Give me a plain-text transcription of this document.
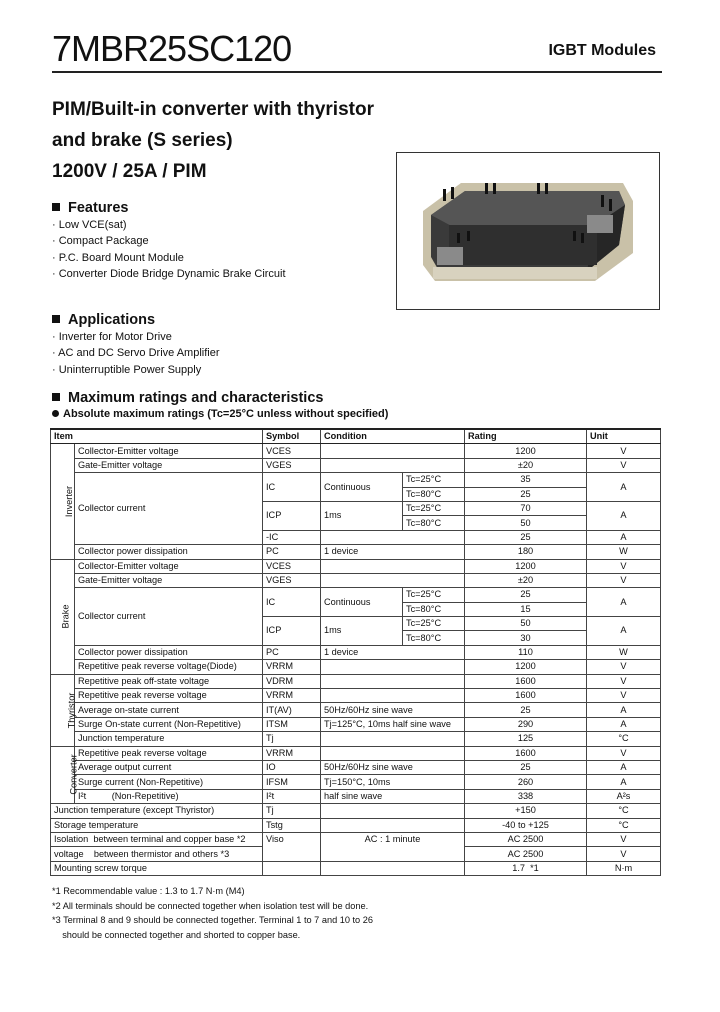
7MBR25SC120	IGBT Modules
PIM/Built-in converter with thyristor
and brake (S series)
1200V / 25A / PIM
Features
· Low VCE(sat)
· Compact Package
· P.C. Board Mount Module
· Converter Diode Bridge Dynamic Brake Circuit
Applications
· Inverter for Motor Drive
· AC and DC Servo Drive Amplifier
· Uninterruptible Power Supply
Maximum ratings and characteristics
Absolute maximum ratings (Tc=25°C unless without specified)
Item		Symbol	Condition		Rating	Unit
Inverter	Collector-Emitter voltage	VCES			1200	V
	Gate-Emitter voltage	VGES			±20	V
	Collector current	IC	Continuous	Tc=25°C	35	A
				Tc=80°C	25	
		ICP	1ms	Tc=25°C	70	A
				Tc=80°C	50	
		-IC			25	A
	Collector power dissipation	PC	1 device		180	W
Brake	Collector-Emitter voltage	VCES			1200	V
	Gate-Emitter voltage	VGES			±20	V
	Collector current	IC	Continuous	Tc=25°C	25	A
				Tc=80°C	15	
		ICP	1ms	Tc=25°C	50	A
				Tc=80°C	30	
	Collector power dissipation	PC	1 device		110	W
	Repetitive peak reverse voltage(Diode)	VRRM			1200	V
Thyristor	Repetitive peak off-state voltage	VDRM			1600	V
	Repetitive peak reverse voltage	VRRM			1600	V
	Average on-state current	IT(AV)	50Hz/60Hz sine wave		25	A
	Surge On-state current (Non-Repetitive)	ITSM	Tj=125°C, 10ms half sine wave		290	A
	Junction temperature	Tj			125	°C
Converter	Repetitive peak reverse voltage	VRRM			1600	V
	Average output current	IO	50Hz/60Hz sine wave		25	A
	Surge current (Non-Repetitive)	IFSM	Tj=150°C, 10ms		260	A
	I²t          (Non-Repetitive)	I²t	half sine wave		338	A²s
Junction temperature (except Thyristor)		Tj			+150	°C
Storage temperature		Tstg			-40 to +125	°C
Isolation  between terminal and copper base *2		Viso	AC : 1 minute		AC 2500	V
voltage    between thermistor and others *3					AC 2500	V
Mounting screw torque					1.7  *1	N·m
*1 Recommendable value : 1.3 to 1.7 N·m (M4)
*2 All terminals should be connected together when isolation test will be done.
*3 Terminal 8 and 9 should be connected together. Terminal 1 to 7 and 10 to 26
should be connected together and shorted to copper base.
